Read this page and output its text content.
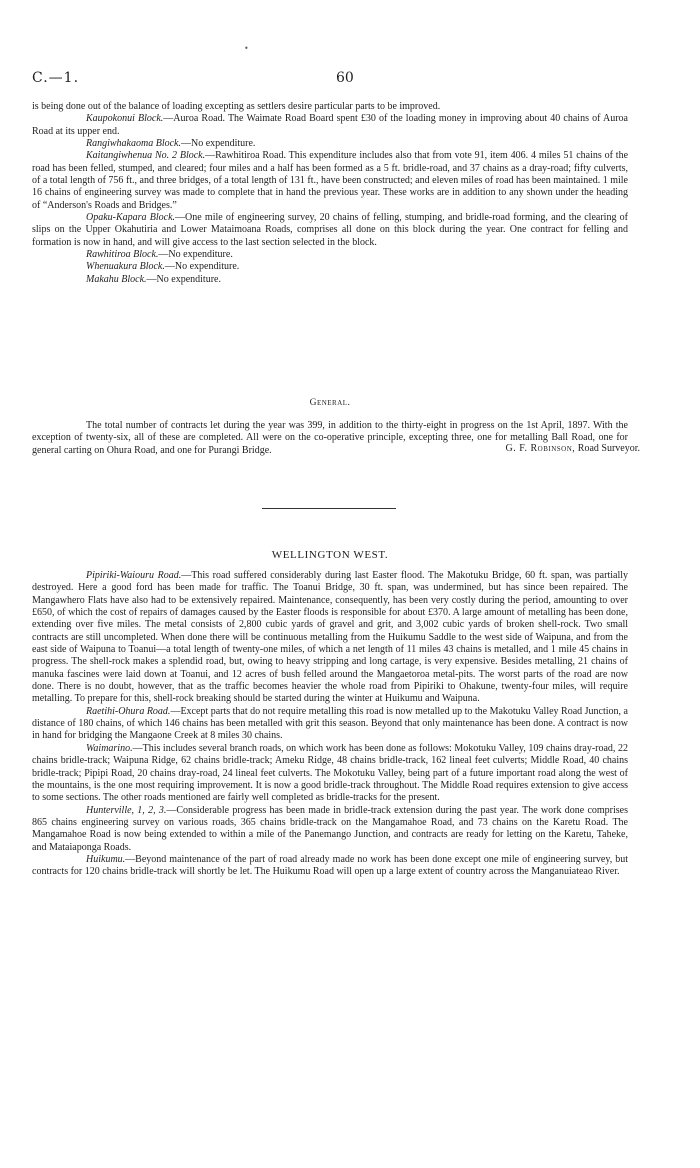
•
C.—1.	60

is being done out of the balance of loading excepting as settlers desire particular parts to be improved.

Kaupokonui Block.—Auroa Road. The Waimate Road Board spent £30 of the loading money in improving about 40 chains of Auroa Road at its upper end.

Rangiwhakaoma Block.—No expenditure.

Kaitangiwhenua No. 2 Block.—Rawhitiroa Road. This expenditure includes also that from vote 91, item 406. 4 miles 51 chains of the road has been felled, stumped, and cleared; four miles and a half has been formed as a 5 ft. bridle-road, and 37 chains as a dray-road; fifty culverts, of a total length of 756 ft., and three bridges, of a total length of 131 ft., have been constructed; and eleven miles of road has been maintained. 1 mile 16 chains of engineering survey was made to complete that in hand the previous year. These works are in addition to any shown under the heading of “Anderson's Roads and Bridges.”

Opaku-Kapara Block.—One mile of engineering survey, 20 chains of felling, stumping, and bridle-road forming, and the clearing of slips on the Upper Okahutiria and Lower Mataimoana Roads, comprises all done on this block during the year. One contract for felling and formation is now in hand, and will give access to the last section selected in the block.

Rawhitiroa Block.—No expenditure.

Whenuakura Block.—No expenditure.

Makahu Block.—No expenditure.

General.

The total number of contracts let during the year was 399, in addition to the thirty-eight in progress on the 1st April, 1897. With the exception of twenty-six, all of these are completed. All were on the co-operative principle, excepting three, one for metalling Ball Road, one for general carting on Ohura Road, and one for Purangi Bridge.	G. F. Robinson, Road Surveyor.
WELLINGTON WEST.

Pipiriki-Waiouru Road.—This road suffered considerably during last Easter flood. The Makotuku Bridge, 60 ft. span, was partially destroyed. Here a good ford has been made for traffic. The Toanui Bridge, 30 ft. span, was undermined, but has since been repaired. The Mangawhero Flats have also had to be extensively repaired. Maintenance, consequently, has been very costly during the period, amounting to over £650, of which the cost of repairs of damages caused by the Easter floods is responsible for about £370. A large amount of metalling has been done, extending over five miles. The metal consists of 2,800 cubic yards of gravel and grit, and 3,002 cubic yards of broken shell-rock. Two small contracts are still uncompleted. When done there will be continuous metalling from the Huikumu Saddle to the west side of Waipuna, and from the east side of Waipuna to Toanui—a total length of twenty-one miles, of which a net length of 11 miles 43 chains is metalled, and 1 mile 45 chains in progress. The shell-rock makes a splendid road, but, owing to heavy stripping and long cartage, is very expensive. Besides metalling, 21 chains of manuka fascines were laid down at Toanui, and 12 acres of bush felled around the Mangaetoroa metal-pits. The worst parts of the road are now done. There is no doubt, however, that as the traffic becomes heavier the whole road from Pipiriki to Ohakune, twenty-four miles, will require metalling. To prepare for this, shell-rock breaking should be started during the winter at Huikumu and Waipuna.

Raetihi-Ohura Road.—Except parts that do not require metalling this road is now metalled up to the Makotuku Valley Road Junction, a distance of 180 chains, of which 146 chains has been metalled with grit this season. Beyond that only maintenance has been done. A contract is now in hand for bridging the Mangaone Creek at 8 miles 30 chains.

Waimarino.—This includes several branch roads, on which work has been done as follows: Mokotuku Valley, 109 chains dray-road, 22 chains bridle-track; Waipuna Ridge, 62 chains bridle-track; Ameku Ridge, 48 chains bridle-track, 162 lineal feet culverts; Middle Road, 40 chains bridle-track; Pipipi Road, 20 chains dray-road, 24 lineal feet culverts. The Mokotuku Valley, being part of a future important road along the west of the mountains, is the one most requiring improvement. It is now a good bridle-track throughout. The Middle Road requires extension to give access to some sections. The other roads mentioned are fairly well completed as bridle-tracks for the present.

Hunterville, 1, 2, 3.—Considerable progress has been made in bridle-track extension during the past year. The work done comprises 865 chains engineering survey on various roads, 365 chains bridle-track on the Mangamahoe Road, and 73 chains on the Karetu Road. The Mangamahoe Road is now being extended to within a mile of the Panemango Junction, and contracts are ready for letting on the Karetu, Taheke, and Mataiaponga Roads.

Huikumu.—Beyond maintenance of the part of road already made no work has been done except one mile of engineering survey, but contracts for 120 chains bridle-track will shortly be let. The Huikumu Road will open up a large extent of country across the Manganuiateao River.
